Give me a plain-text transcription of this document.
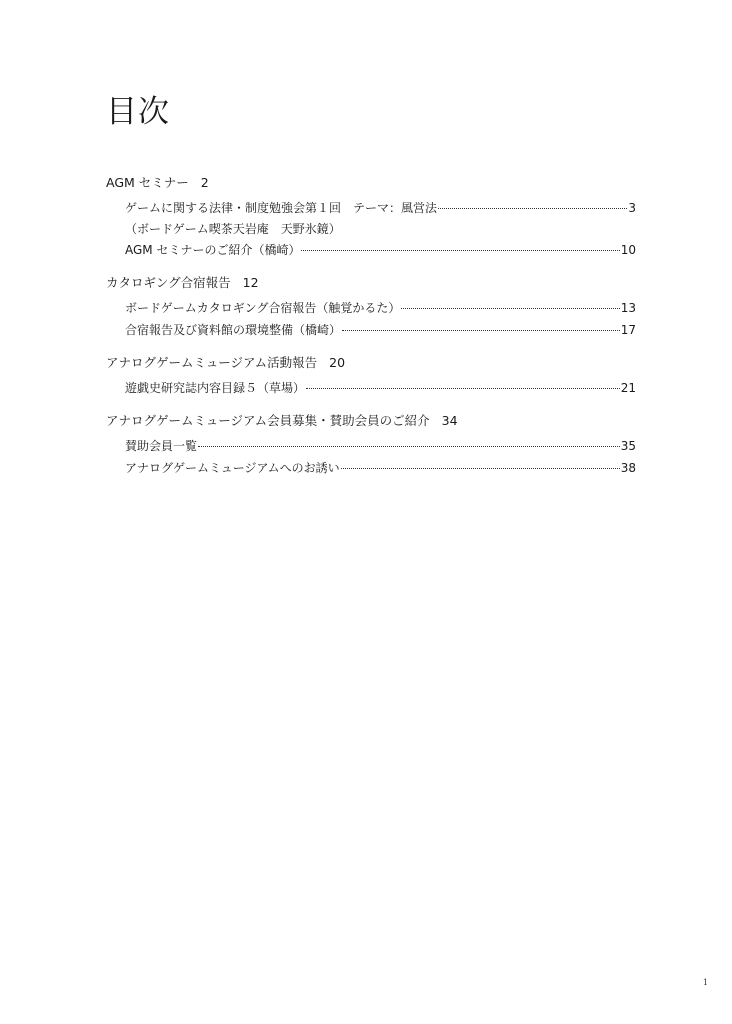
目次
AGM セミナー 2
ゲームに関する法律・制度勉強会第１回　テーマ：風営法	3
（ボードゲーム喫茶天岩庵　天野氷鏡）
AGM セミナーのご紹介（橋崎）	10
カタロギング合宿報告 12
ボードゲームカタロギング合宿報告（触覚かるた）	13
合宿報告及び資料館の環境整備（橋崎）	17
アナログゲームミュージアム活動報告 20
遊戯史研究誌内容目録５（草場）	21
アナログゲームミュージアム会員募集・賛助会員のご紹介 34
賛助会員一覧	35
アナログゲームミュージアムへのお誘い	38
1
